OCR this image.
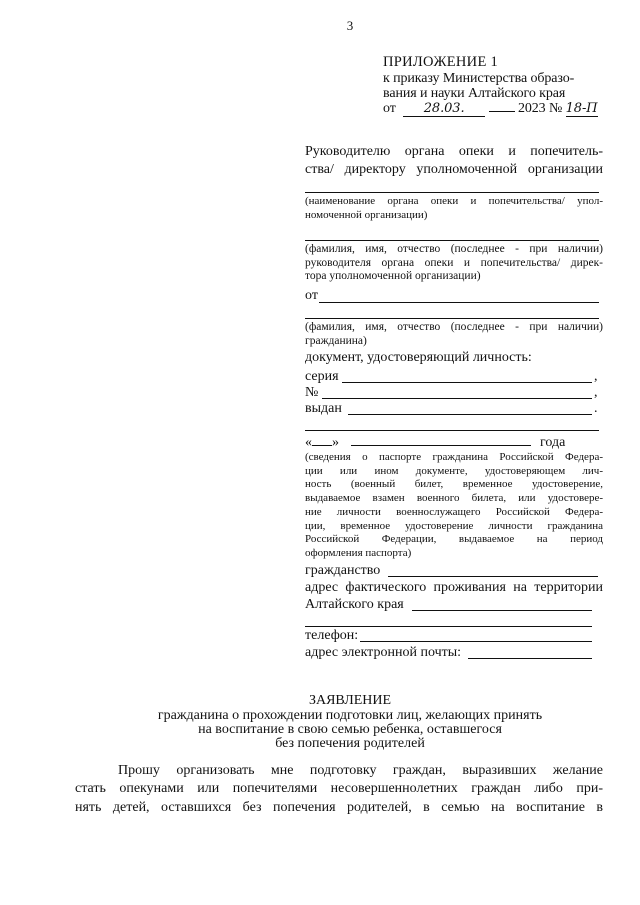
3
ПРИЛОЖЕНИЕ 1
к приказу Министерства образо-
вания и науки Алтайского края
от 28.03.	2023 № 18-П
Руководителю органа опеки и попечитель-
ства/ директору уполномоченной организации
(наименование органа опеки и попечительства/ упол-
номоченной организации)
(фамилия, имя, отчество (последнее - при наличии)
руководителя органа опеки и попечительства/ дирек-
тора уполномоченной организации)
от
(фамилия, имя, отчество (последнее - при наличии)
гражданина)
документ, удостоверяющий личность:
серия	,
№	,
выдан	.
« »	года
(сведения о паспорте гражданина Российской Федера-
ции или ином документе, удостоверяющем лич-
ность (военный билет, временное удостоверение,
выдаваемое взамен военного билета, или удостовере-
ние личности военнослужащего Российской Федера-
ции, временное удостоверение личности гражданина
Российской Федерации, выдаваемое на период
оформления паспорта)
гражданство
адрес фактического проживания на территории
Алтайского края
телефон:
адрес электронной почты:
ЗАЯВЛЕНИЕ
гражданина о прохождении подготовки лиц, желающих принять
на воспитание в свою семью ребенка, оставшегося
без попечения родителей
Прошу организовать мне подготовку граждан, выразивших желание
стать опекунами или попечителями несовершеннолетних граждан либо при-
нять детей, оставшихся без попечения родителей, в семью на воспитание в
